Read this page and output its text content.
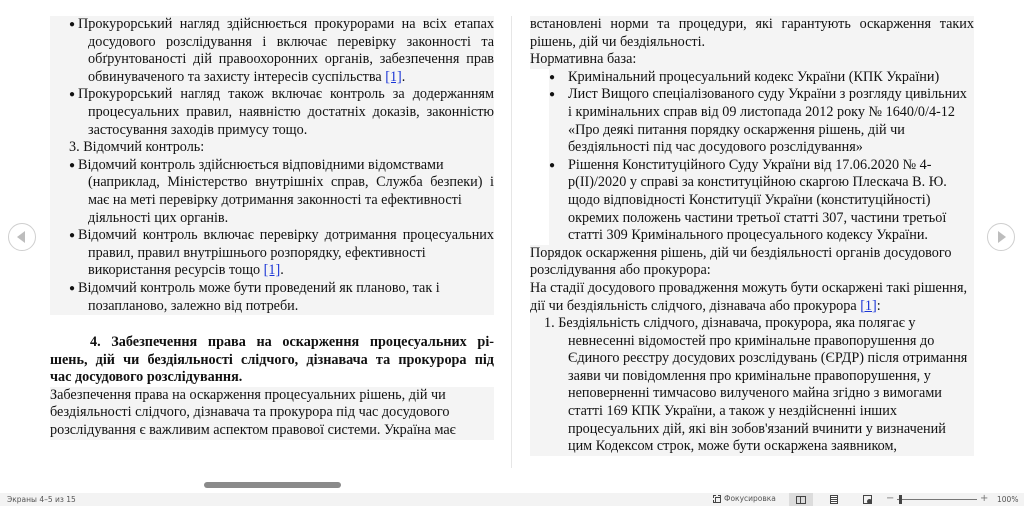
● Прокурорський нагляд здійснюється прокурорами на всіх етапах
досудового розслідування і включає перевірку законності та
обґрунтованості дій правоохоронних органів, забезпечення прав
обвинуваченого та захисту інтересів суспільства [1].
● Прокурорський нагляд також включає контроль за додержанням
процесуальних правил, наявністю достатніх доказів, законністю
застосування заходів примусу тощо.
3. Відомчий контроль:
● Відомчий контроль здійснюється відповідними відомствами
(наприклад, Міністерство внутрішніх справ, Служба безпеки) і
має на меті перевірку дотримання законності та ефективності
діяльності цих органів.
● Відомчий контроль включає перевірку дотримання процесуальних
правил, правил внутрішнього розпорядку, ефективності
використання ресурсів тощо [1].
● Відомчий контроль може бути проведений як планово, так і
позапланово, залежно від потреби.
4. Забезпечення права на оскарження процесуальних рі-
шень, дій чи бездіяльності слідчого, дізнавача та прокурора під
час досудового розслідування.
Забезпечення права на оскарження процесуальних рішень, дій чи
бездіяльності слідчого, дізнавача та прокурора під час досудового
розслідування є важливим аспектом правової системи. Україна має
встановлені норми та процедури, які гарантують оскарження таких
рішень, дій чи бездіяльності.
Нормативна база:
● Кримінальний процесуальний кодекс України (КПК України)
● Лист Вищого спеціалізованого суду України з розгляду цивільних
і кримінальних справ від 09 листопада 2012 року № 1640/0/4-12
«Про деякі питання порядку оскарження рішень, дій чи
бездіяльності під час досудового розслідування»
● Рішення Конституційного Суду України від 17.06.2020 № 4-
р(II)/2020 у справі за конституційною скаргою Плескача В. Ю.
щодо відповідності Конституції України (конституційності)
окремих положень частини третьої статті 307, частини третьої
статті 309 Кримінального процесуального кодексу України.
Порядок оскарження рішень, дій чи бездіяльності органів досудового
розслідування або прокурора:
На стадії досудового провадження можуть бути оскаржені такі рішення,
дії чи бездіяльність слідчого, дізнавача або прокурора [1]:
1. Бездіяльність слідчого, дізнавача, прокурора, яка полягає у
невнесенні відомостей про кримінальне правопорушення до
Єдиного реєстру досудових розслідувань (ЄРДР) після отримання
заяви чи повідомлення про кримінальне правопорушення, у
неповерненні тимчасово вилученого майна згідно з вимогами
статті 169 КПК України, а також у нездійсненні інших
процесуальних дій, які він зобов'язаний вчинити у визначений
цим Кодексом строк, може бути оскаржена заявником,
Экраны 4–5 из 15	Фокусировка	−	+ 100%
